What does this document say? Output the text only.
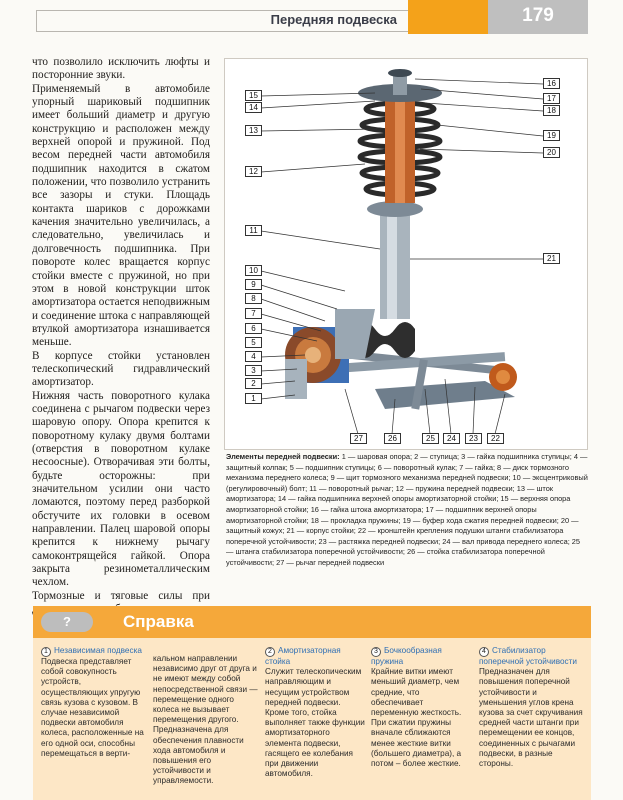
Передняя подвеска	179

что позволило исключить люфты и посторонние звуки.

Применяемый в автомобиле упорный шариковый подшипник имеет больший диаметр и другую конструкцию и расположен между верхней опорой и пружиной. Под весом передней части автомобиля подшипник находится в сжатом положении, что позволило устранить все зазоры и стуки. Площадь контакта шариков с дорожками качения значительно увеличилась, а следовательно, увеличилась и долговечность подшипника. При повороте колес вращается корпус стойки вместе с пружиной, но при этом в новой конструкции шток амортизатора остается неподвижным и соединение штока с направляющей втулкой амортизатора изнашивается меньше.

В корпусе стойки установлен телескопический гидравлический амортизатор.

Нижняя часть поворотного кулака соединена с рычагом подвески через шаровую опору. Опора крепится к поворотному кулаку двумя болтами (отверстия в поворотном кулаке несоосные). Отворачивая эти болты, будьте осторожны: при значительном усилии они часто ломаются, поэтому перед разборкой обстучите их головки в осевом направлении. Палец шаровой опоры крепится к нижнему рычагу самоконтрящейся гайкой. Опора закрыта резинометаллическим чехлом.

Тормозные и тяговые силы при

15
14
13
12
11
10
9
8
7
6
5
4
3
2
1
16
17
18
19
20
21
22
23
24
25
26
27
Элементы передней подвески: 1 — шаровая опора; 2 — ступица; 3 — гайка подшипника ступицы; 4 — защитный колпак; 5 — подшипник ступицы; 6 — поворотный кулак; 7 — гайка; 8 — диск тормозного механизма переднего колеса; 9 — щит тормозного механизма передней подвески; 10 — эксцентриковый (регулировочный) болт; 11 — поворотный рычаг; 12 — пружина передней подвески; 13 — шток амортизатора; 14 — гайка подшипника верхней опоры амортизаторной стойки; 15 — верхняя опора амортизаторной стойки; 16 — гайка штока амортизатора; 17 — подшипник верхней опоры амортизаторной стойки; 18 — прокладка пружины; 19 — буфер хода сжатия передней подвески; 20 — защитный кожух; 21 — корпус стойки; 22 — кронштейн крепления подушки штанги стабилизатора поперечной устойчивости; 23 — растяжка передней подвески; 24 — вал привода переднего колеса; 25 — штанга стабилизатора поперечной устойчивости; 26 — стойка стабилизатора поперечной устойчивости; 27 — рычаг передней подвески
?	Справка
1 Независимая подвеска
Подвеска представляет собой совокупность устройств, осуществляющих упругую связь кузова с кузовом. В случае независимой подвески автомобиля колеса, расположенные на его одной оси, способны перемещаться в верти-
кальном направлении независимо друг от друга и не имеют между собой непосредственной связи — перемещение одного колеса не вызывает перемещения другого. Предназначена для обеспечения плавности хода автомобиля и повышения его устойчивости и управляемости.
2 Амортизаторная стойка
Служит телескопическим направляющим и несущим устройством передней подвески. Кроме того, стойка выполняет также функции амортизаторного элемента подвески, гасящего ее колебания при движении автомобиля.
3 Бочкообразная пружина
Крайние витки имеют меньший диаметр, чем средние, что обеспечивает переменную жесткость. При сжатии пружины вначале сближаются менее жесткие витки (большего диаметра), а потом – более жесткие.
4 Стабилизатор поперечной устойчивости
Предназначен для повышения поперечной устойчивости и уменьшения углов крена кузова за счет скручивания средней части штанги при перемещении ее концов, соединенных с рычагами подвески, в разные стороны.
